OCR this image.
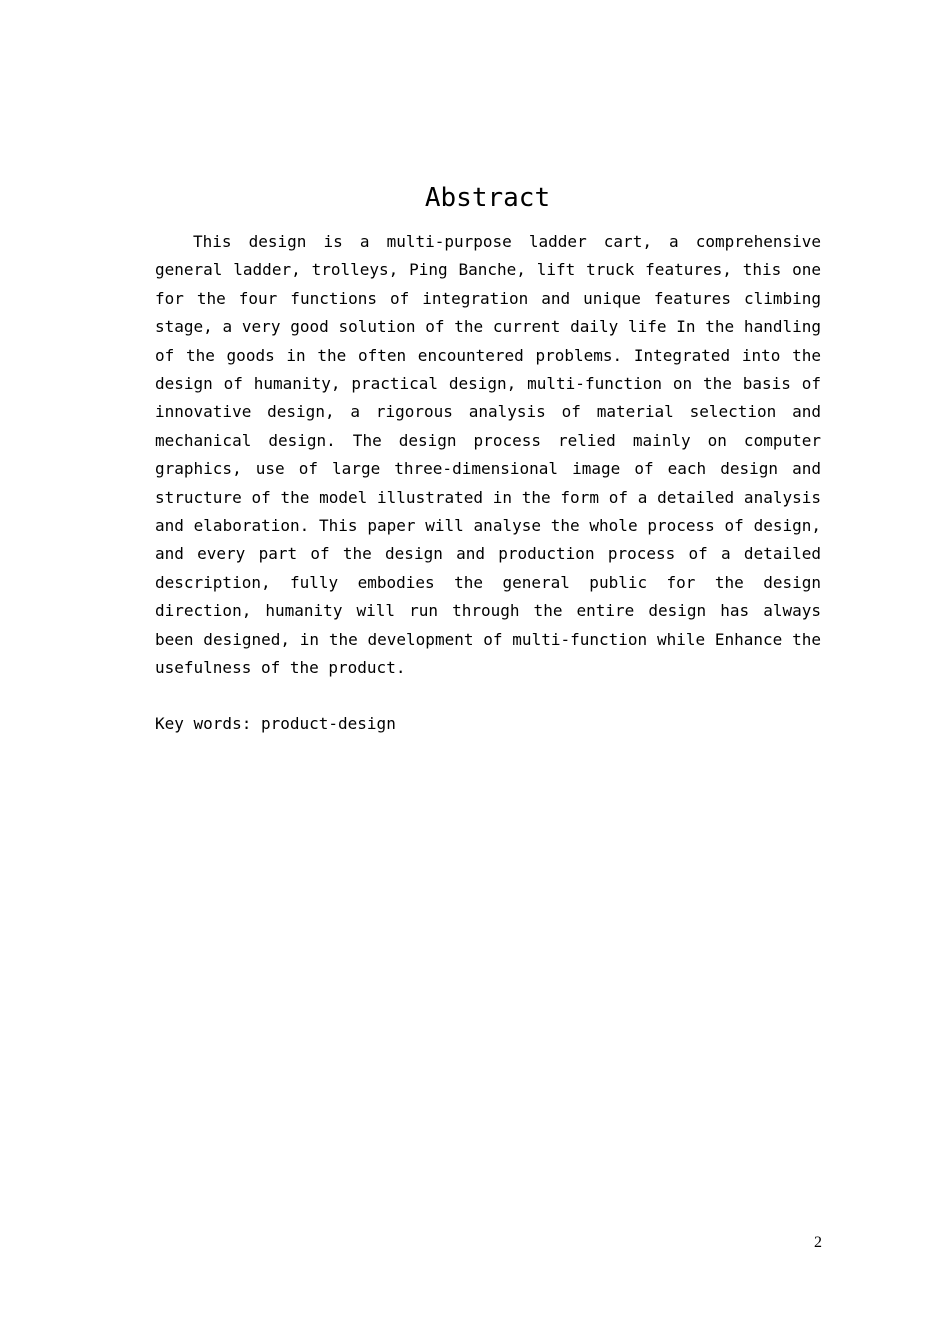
Abstract

This design is a multi-purpose ladder cart, a comprehensive general ladder, trolleys, Ping Banche, lift truck features, this one for the four functions of integration and unique features climbing stage, a very good solution of the current daily life In the handling of the goods in the often encountered problems. Integrated into the design of humanity, practical design, multi-function on the basis of innovative design, a rigorous analysis of material selection and mechanical design. The design process relied mainly on computer graphics, use of large three-dimensional image of each design and structure of the model illustrated in the form of a detailed analysis and elaboration. This paper will analyse the whole process of design, and every part of the design and production process of a detailed description, fully embodies the general public for the design direction, humanity will run through the entire design has always been designed, in the development of multi-function while Enhance the usefulness of the product.

Key words: product-design
2
